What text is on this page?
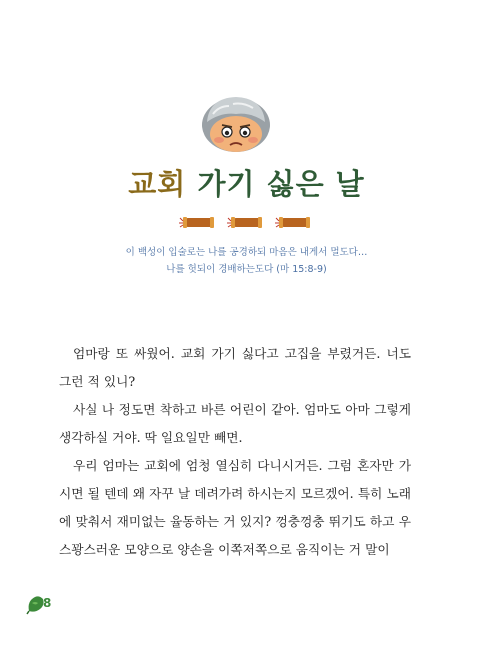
교회 가기 싫은 날
이 백성이 입술로는 나를 공경하되 마음은 내게서 멀도다…
나를 헛되이 경배하는도다 (마 15:8-9)

엄마랑 또 싸웠어. 교회 가기 싫다고 고집을 부렸거든. 너도 그런 적 있니?

사실 나 정도면 착하고 바른 어린이 같아. 엄마도 아마 그렇게 생각하실 거야. 딱 일요일만 빼면.

우리 엄마는 교회에 엄청 열심히 다니시거든. 그럼 혼자만 가시면 될 텐데 왜 자꾸 날 데려가려 하시는지 모르겠어. 특히 노래에 맞춰서 재미없는 율동하는 거 있지? 껑충껑충 뛰기도 하고 우스꽝스러운 모양으로 양손을 이쪽저쪽으로 움직이는 거 말이

8
